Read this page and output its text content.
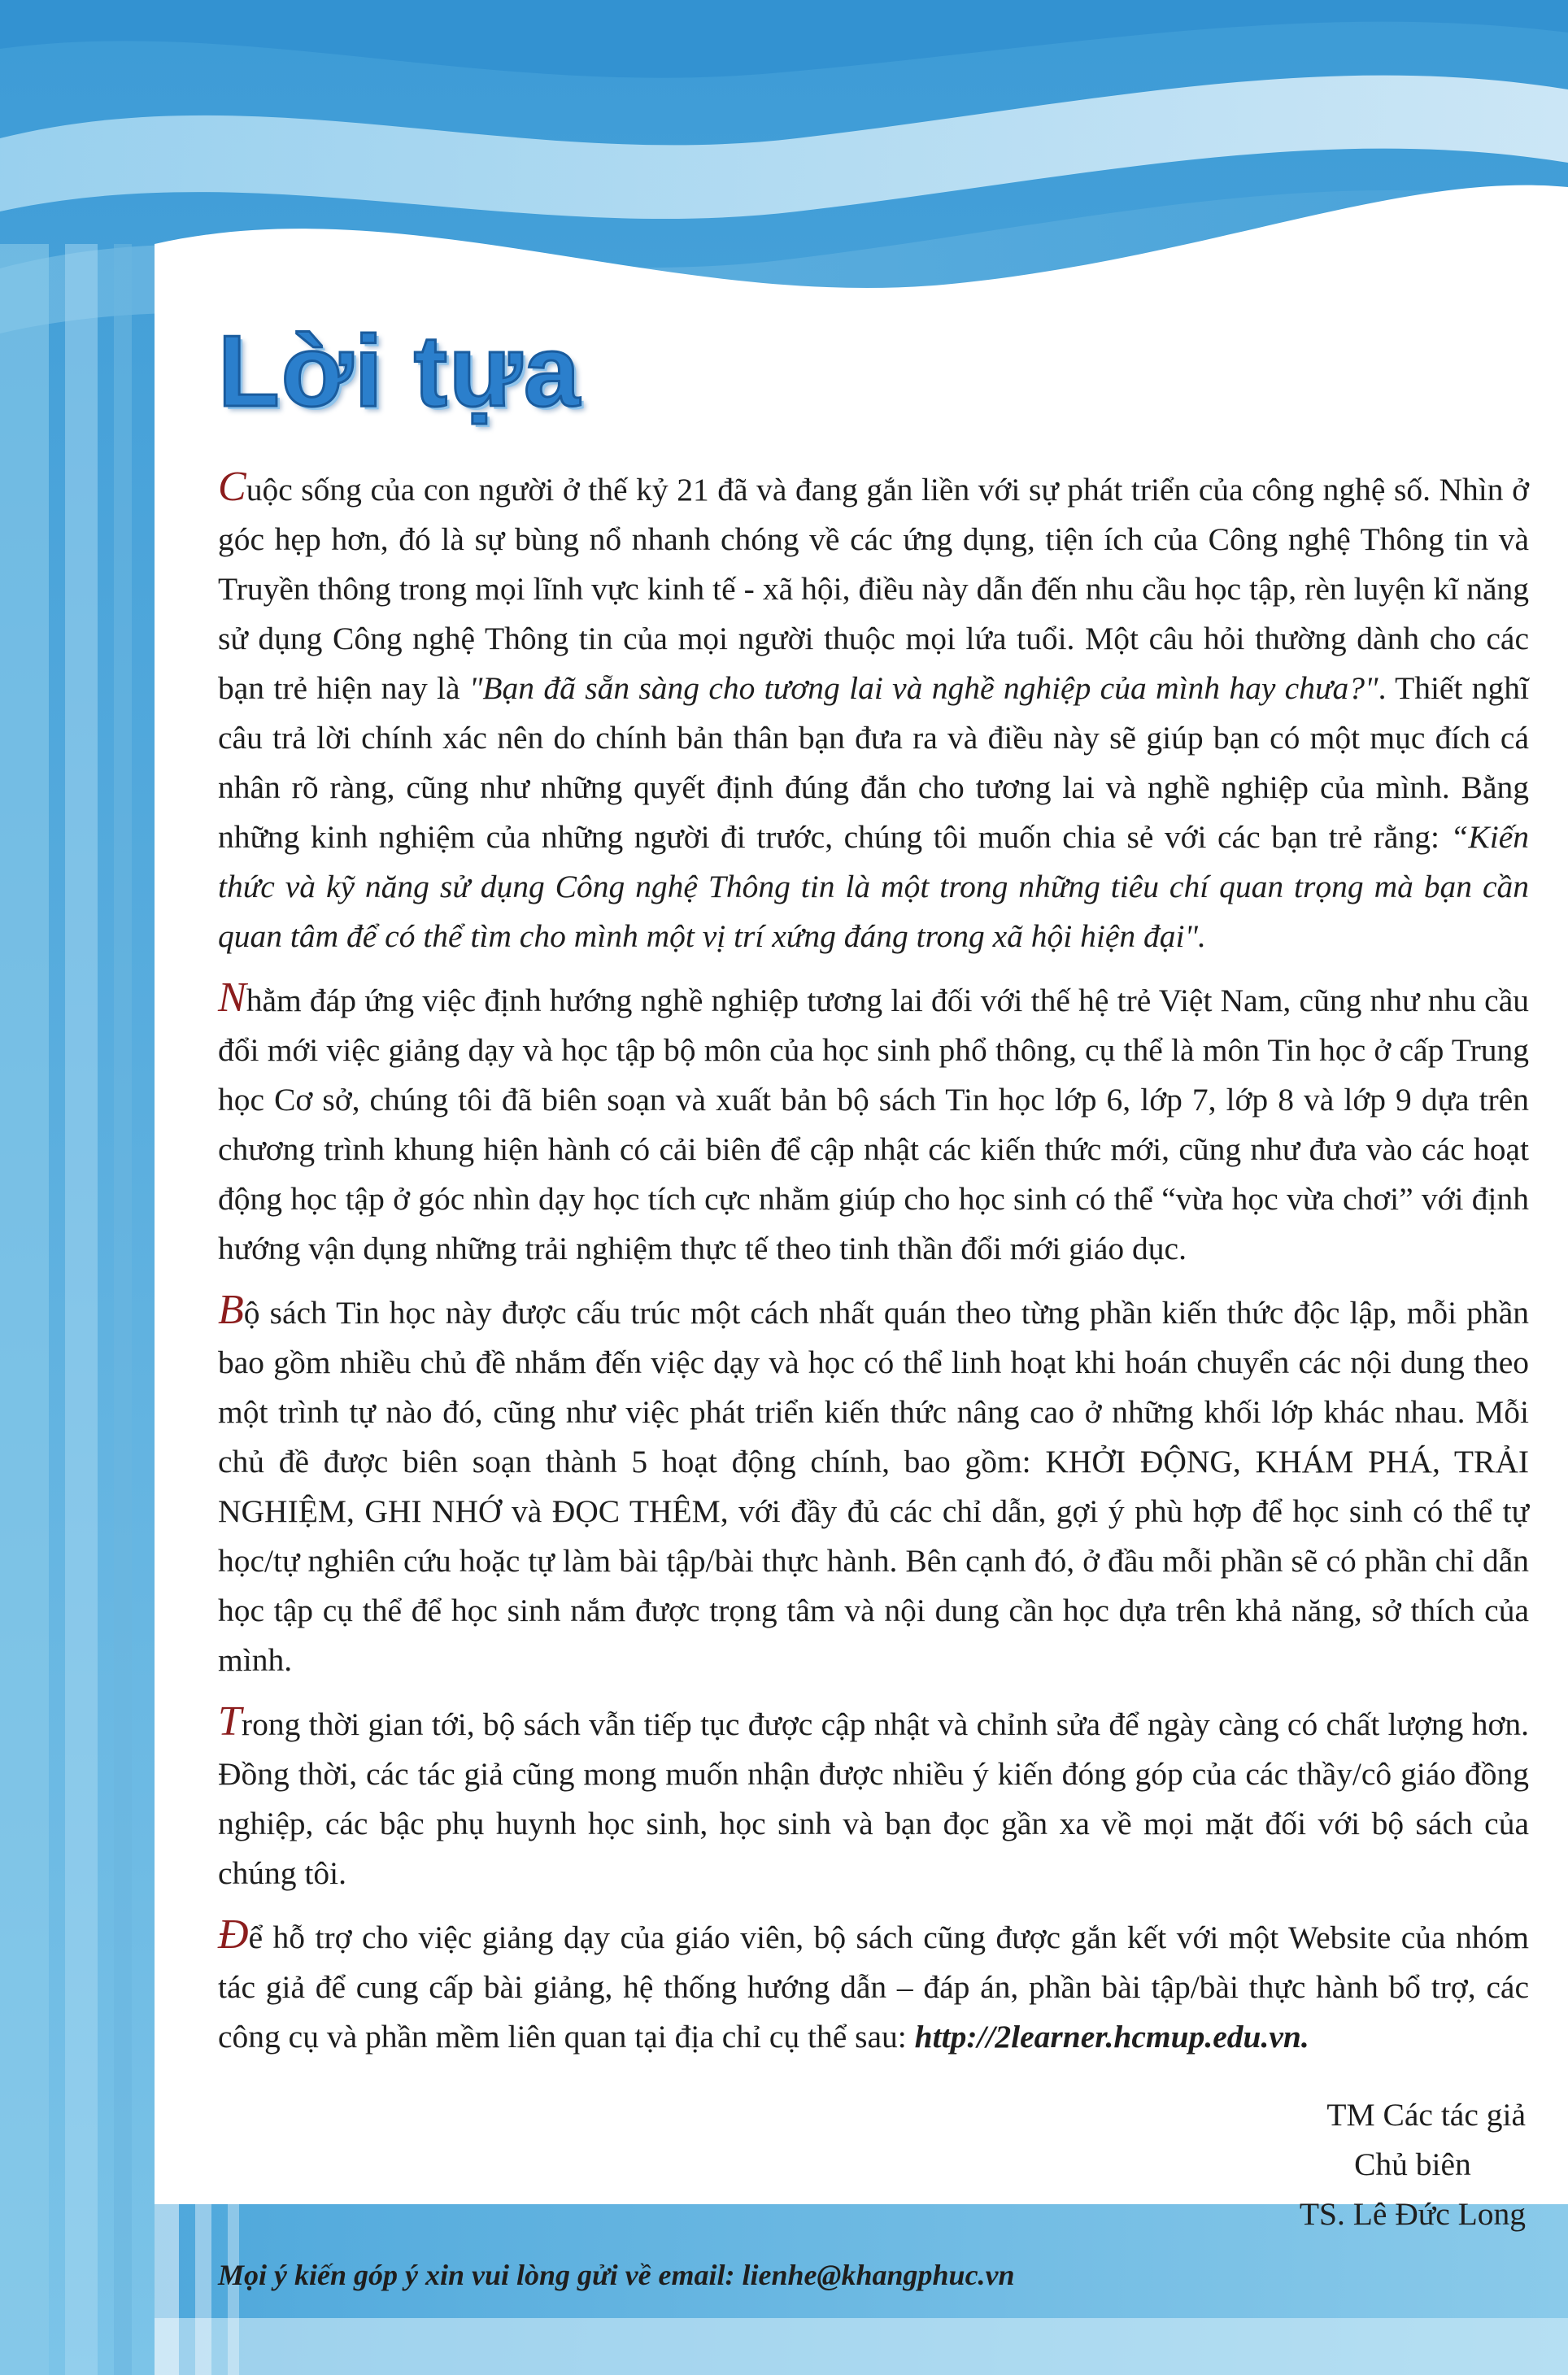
Lời tựa

Cuộc sống của con người ở thế kỷ 21 đã và đang gắn liền với sự phát triển của công nghệ số. Nhìn ở góc hẹp hơn, đó là sự bùng nổ nhanh chóng về các ứng dụng, tiện ích của Công nghệ Thông tin và Truyền thông trong mọi lĩnh vực kinh tế - xã hội, điều này dẫn đến nhu cầu học tập, rèn luyện kĩ năng sử dụng Công nghệ Thông tin của mọi người thuộc mọi lứa tuổi. Một câu hỏi thường dành cho các bạn trẻ hiện nay là "Bạn đã sẵn sàng cho tương lai và nghề nghiệp của mình hay chưa?". Thiết nghĩ câu trả lời chính xác nên do chính bản thân bạn đưa ra và điều này sẽ giúp bạn có một mục đích cá nhân rõ ràng, cũng như những quyết định đúng đắn cho tương lai và nghề nghiệp của mình. Bằng những kinh nghiệm của những người đi trước, chúng tôi muốn chia sẻ với các bạn trẻ rằng: “Kiến thức và kỹ năng sử dụng Công nghệ Thông tin là một trong những tiêu chí quan trọng mà bạn cần quan tâm để có thể tìm cho mình một vị trí xứng đáng trong xã hội hiện đại".

Nhằm đáp ứng việc định hướng nghề nghiệp tương lai đối với thế hệ trẻ Việt Nam, cũng như nhu cầu đổi mới việc giảng dạy và học tập bộ môn của học sinh phổ thông, cụ thể là môn Tin học ở cấp Trung học Cơ sở, chúng tôi đã biên soạn và xuất bản bộ sách Tin học lớp 6, lớp 7, lớp 8 và lớp 9 dựa trên chương trình khung hiện hành có cải biên để cập nhật các kiến thức mới, cũng như đưa vào các hoạt động học tập ở góc nhìn dạy học tích cực nhằm giúp cho học sinh có thể “vừa học vừa chơi” với định hướng vận dụng những trải nghiệm thực tế theo tinh thần đổi mới giáo dục.

Bộ sách Tin học này được cấu trúc một cách nhất quán theo từng phần kiến thức độc lập, mỗi phần bao gồm nhiều chủ đề nhắm đến việc dạy và học có thể linh hoạt khi hoán chuyển các nội dung theo một trình tự nào đó, cũng như việc phát triển kiến thức nâng cao ở những khối lớp khác nhau. Mỗi chủ đề được biên soạn thành 5 hoạt động chính, bao gồm: KHỞI ĐỘNG, KHÁM PHÁ, TRẢI NGHIỆM, GHI NHỚ và ĐỌC THÊM, với đầy đủ các chỉ dẫn, gợi ý phù hợp để học sinh có thể tự học/tự nghiên cứu hoặc tự làm bài tập/bài thực hành. Bên cạnh đó, ở đầu mỗi phần sẽ có phần chỉ dẫn học tập cụ thể để học sinh nắm được trọng tâm và nội dung cần học dựa trên khả năng, sở thích của mình.

Trong thời gian tới, bộ sách vẫn tiếp tục được cập nhật và chỉnh sửa để ngày càng có chất lượng hơn. Đồng thời, các tác giả cũng mong muốn nhận được nhiều ý kiến đóng góp của các thầy/cô giáo đồng nghiệp, các bậc phụ huynh học sinh, học sinh và bạn đọc gần xa về mọi mặt đối với bộ sách của chúng tôi.

Để hỗ trợ cho việc giảng dạy của giáo viên, bộ sách cũng được gắn kết với một Website của nhóm tác giả để cung cấp bài giảng, hệ thống hướng dẫn – đáp án, phần bài tập/bài thực hành bổ trợ, các công cụ và phần mềm liên quan tại địa chỉ cụ thể sau: http://2learner.hcmup.edu.vn.

TM Các tác giả
Chủ biên
TS. Lê Đức Long
Mọi ý kiến góp ý xin vui lòng gửi về email: lienhe@khangphuc.vn
